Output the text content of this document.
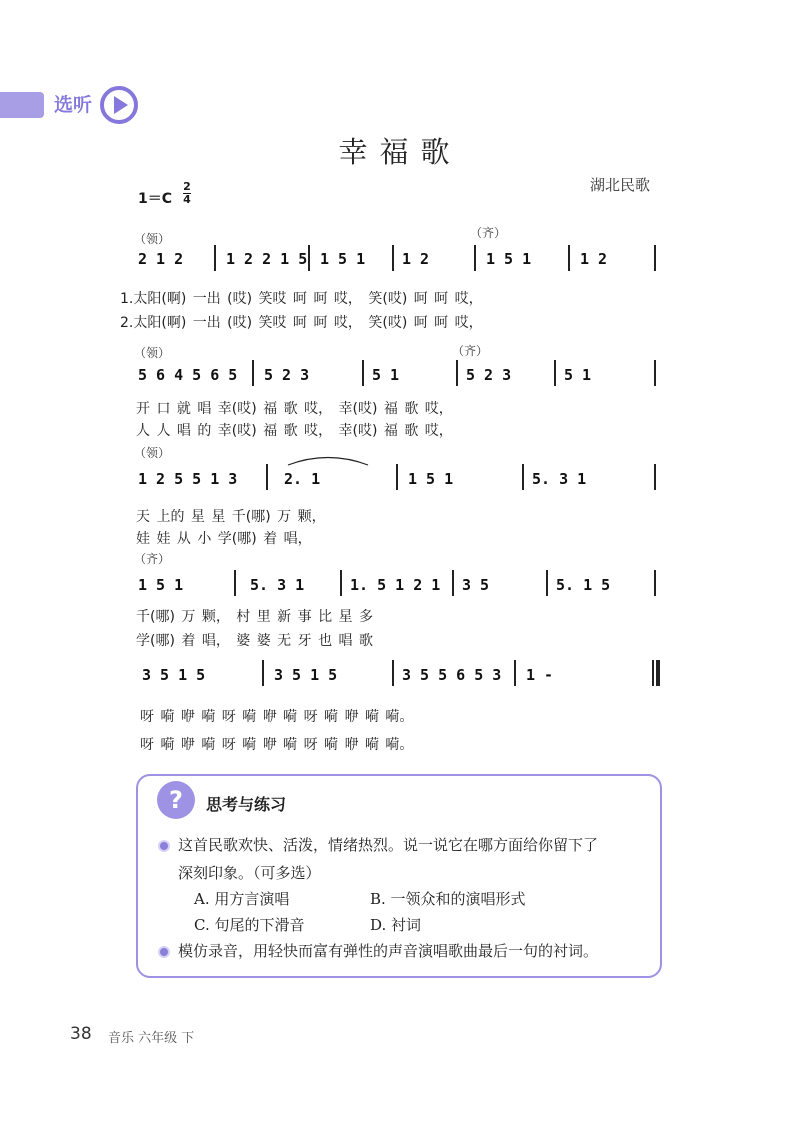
选听
幸福歌
湖北民歌
1＝C
2
4
（领）	（齐）
2 1 2	1 2 2 1 5 1 5 1 1 2	1 5 1	1 2
1.太阳(啊) 一出 (哎) 笑哎 呵 呵 哎， 笑(哎) 呵 呵 哎，
2.太阳(啊) 一出 (哎) 笑哎 呵 呵 哎， 笑(哎) 呵 呵 哎，
（领）	（齐）
5 6 4 5 6 5 5 2 3	5 1	5 2 3	5 1
开 口 就 唱 幸(哎) 福 歌 哎， 幸(哎) 福 歌 哎，
人 人 唱 的 幸(哎) 福 歌 哎， 幸(哎) 福 歌 哎，
（领）
1 2 5 5 1 3	2. 1	1 5 1	5. 3 1
天 上的 星 星 千(哪) 万 颗，
娃 娃 从 小 学(哪) 着 唱，
（齐）
1 5 1	5. 3 1	1. 5 1 2 1 3 5	5. 1 5
千(哪) 万 颗， 村 里 新 事 比 星 多
学(哪) 着 唱， 婆 婆 无 牙 也 唱 歌
3 5 1 5	3 5 1 5	3 5 5 6 5 3 1 -
呀 嗬 咿 嗬 呀 嗬 咿 嗬 呀 嗬 咿 嗬 嗬。
呀 嗬 咿 嗬 呀 嗬 咿 嗬 呀 嗬 咿 嗬 嗬。
? 思考与练习
这首民歌欢快、活泼，情绪热烈。说一说它在哪方面给你留下了
深刻印象。（可多选）
A. 用方言演唱	B. 一领众和的演唱形式
C. 句尾的下滑音	D. 衬词
模仿录音，用轻快而富有弹性的声音演唱歌曲最后一句的衬词。
38 音乐 六年级 下
